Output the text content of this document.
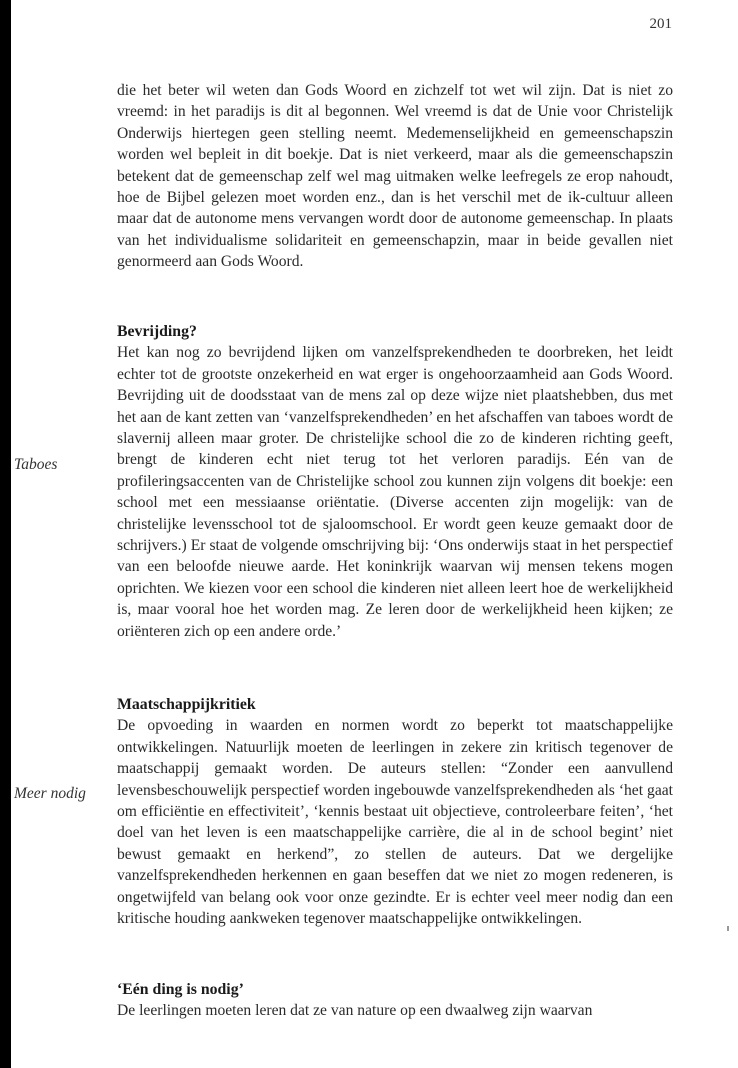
201
Taboes
Meer nodig

die het beter wil weten dan Gods Woord en zichzelf tot wet wil zijn. Dat is niet zo vreemd: in het paradijs is dit al begonnen. Wel vreemd is dat de Unie voor Christelijk Onderwijs hiertegen geen stelling neemt. Medemenselijkheid en gemeenschapszin worden wel bepleit in dit boekje. Dat is niet verkeerd, maar als die gemeenschapszin betekent dat de gemeenschap zelf wel mag uitmaken welke leefregels ze erop nahoudt, hoe de Bijbel gelezen moet worden enz., dan is het verschil met de ik-cultuur alleen maar dat de autonome mens vervangen wordt door de autonome gemeenschap. In plaats van het individualisme solidariteit en gemeenschapzin, maar in beide gevallen niet genormeerd aan Gods Woord.

Bevrijding?

Het kan nog zo bevrijdend lijken om vanzelfsprekendheden te doorbreken, het leidt echter tot de grootste onzekerheid en wat erger is ongehoorzaamheid aan Gods Woord. Bevrijding uit de doodsstaat van de mens zal op deze wijze niet plaatshebben, dus met het aan de kant zetten van ‘vanzelfsprekendheden’ en het afschaffen van taboes wordt de slavernij alleen maar groter. De christelijke school die zo de kinderen richting geeft, brengt de kinderen echt niet terug tot het verloren paradijs. Eén van de profileringsaccenten van de Christelijke school zou kunnen zijn volgens dit boekje: een school met een messiaanse oriëntatie. (Diverse accenten zijn mogelijk: van de christelijke levensschool tot de sjaloomschool. Er wordt geen keuze gemaakt door de schrijvers.) Er staat de volgende omschrijving bij: ‘Ons onderwijs staat in het perspectief van een beloofde nieuwe aarde. Het koninkrijk waarvan wij mensen tekens mogen oprichten. We kiezen voor een school die kinderen niet alleen leert hoe de werkelijkheid is, maar vooral hoe het worden mag. Ze leren door de werkelijkheid heen kijken; ze oriënteren zich op een andere orde.’

Maatschappijkritiek

De opvoeding in waarden en normen wordt zo beperkt tot maatschappelijke ontwikkelingen. Natuurlijk moeten de leerlingen in zekere zin kritisch tegenover de maatschappij gemaakt worden. De auteurs stellen: “Zonder een aanvullend levensbeschouwelijk perspectief worden ingebouwde vanzelfsprekendheden als ‘het gaat om efficiëntie en effectiviteit’, ‘kennis bestaat uit objectieve, controleerbare feiten’, ‘het doel van het leven is een maatschappelijke carrière, die al in de school begint’ niet bewust gemaakt en herkend”, zo stellen de auteurs. Dat we dergelijke vanzelfsprekendheden herkennen en gaan beseffen dat we niet zo mogen redeneren, is ongetwijfeld van belang ook voor onze gezindte. Er is echter veel meer nodig dan een kritische houding aankweken tegenover maatschappelijke ontwikkelingen.

‘Eén ding is nodig’

De leerlingen moeten leren dat ze van nature op een dwaalweg zijn waarvan
